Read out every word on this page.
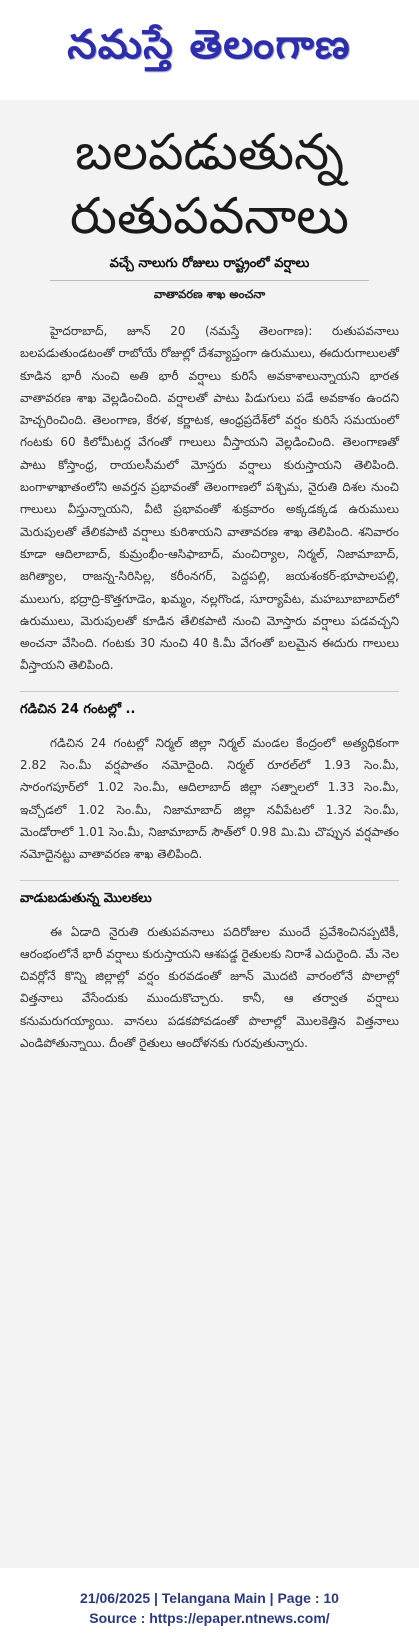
నమస్తే తెలంగాణ
బలపడుతున్న
రుతుపవనాలు
వచ్చే నాలుగు రోజులు రాష్ట్రంలో వర్షాలు
వాతావరణ శాఖ అంచనా

హైదరాబాద్, జూన్ 20 (నమస్తే తెలంగాణ): రుతుపవనాలు బలపడుతుండటంతో రాబోయే రోజుల్లో దేశవ్యాప్తంగా ఉరుములు, ఈదురుగాలులతో కూడిన భారీ నుంచి అతి భారీ వర్షాలు కురిసే అవకాశాలున్నాయని భారత వాతావరణ శాఖ వెల్లడించింది. వర్షాలతో పాటు పిడుగులు పడే అవకాశం ఉందని హెచ్చరించింది. తెలంగాణ, కేరళ, కర్ణాటక, ఆంధ్రప్రదేశ్‌లో వర్షం కురిసే సమయంలో గంటకు 60 కిలోమీటర్ల వేగంతో గాలులు వీస్తాయని వెల్లడించింది. తెలంగాణతో పాటు కోస్తాంధ్ర, రాయలసీమలో మోస్తరు వర్షాలు కురుస్తాయని తెలిపింది. బంగాళాఖాతంలోని అవర్తన ప్రభావంతో తెలంగాణలో పశ్చిమ, నైరుతి దిశల నుంచి గాలులు వీస్తున్నాయని, వీటి ప్రభావంతో శుక్రవారం అక్కడక్కడ ఉరుములు మెరుపులతో తేలికపాటి వర్షాలు కురిశాయని వాతావరణ శాఖ తెలిపింది. శనివారం కూడా ఆదిలాబాద్, కుమ్రంభీం-ఆసిఫాబాద్, మంచిర్యాల, నిర్మల్, నిజామాబాద్, జగిత్యాల, రాజన్న-సిరిసిల్ల, కరీంనగర్, పెద్దపల్లి, జయశంకర్-భూపాలపల్లి, ములుగు, భద్రాద్రి-కొత్తగూడెం, ఖమ్మం, నల్లగొండ, సూర్యాపేట, మహబూబాబాద్‌లో ఉరుములు, మెరుపులతో కూడిన తేలికపాటి నుంచి మోస్తారు వర్షాలు పడవచ్చని అంచనా వేసింది. గంటకు 30 నుంచి 40 కి.మీ వేగంతో బలమైన ఈదురు గాలులు వీస్తాయని తెలిపింది.

గడిచిన 24 గంటల్లో ..

గడిచిన 24 గంటల్లో నిర్మల్ జిల్లా నిర్మల్ మండల కేంద్రంలో అత్యధికంగా 2.82 సెం.మీ వర్షపాతం నమోదైంది. నిర్మల్ రూరల్‌లో 1.93 సెం.మీ, సారంగపూర్‌లో 1.02 సెం.మీ, ఆదిలాబాద్ జిల్లా సత్నాలలో 1.33 సెం.మీ, ఇచ్చోడలో 1.02 సెం.మీ, నిజామాబాద్ జిల్లా నవీపేటలో 1.32 సెం.మీ, మెండోరాలో 1.01 సెం.మీ, నిజామాబాద్ సౌత్‌లో 0.98 మి.మి చొప్పున వర్షపాతం నమోదైనట్టు వాతావరణ శాఖ తెలిపింది.

వాడుబడుతున్న మొలకలు

ఈ ఏడాది నైరుతి రుతుపవనాలు పదిరోజుల ముందే ప్రవేశించినప్పటికీ, ఆరంభంలోనే భారీ వర్షాలు కురుస్తాయని ఆశపడ్డ రైతులకు నిరాశే ఎదురైంది. మే నెల చివర్లోనే కొన్ని జిల్లాల్లో వర్షం కురవడంతో జూన్ మొదటి వారంలోనే పొలాల్లో విత్తనాలు వేసేందుకు ముందుకొచ్చారు. కానీ, ఆ తర్వాత వర్షాలు కనుమరుగయ్యాయి. వానలు పడకపోవడంతో పొలాల్లో మొలకెత్తిన విత్తనాలు ఎండిపోతున్నాయి. దీంతో రైతులు ఆందోళనకు గురవుతున్నారు.

21/06/2025 | Telangana Main | Page : 10
Source : https://epaper.ntnews.com/
